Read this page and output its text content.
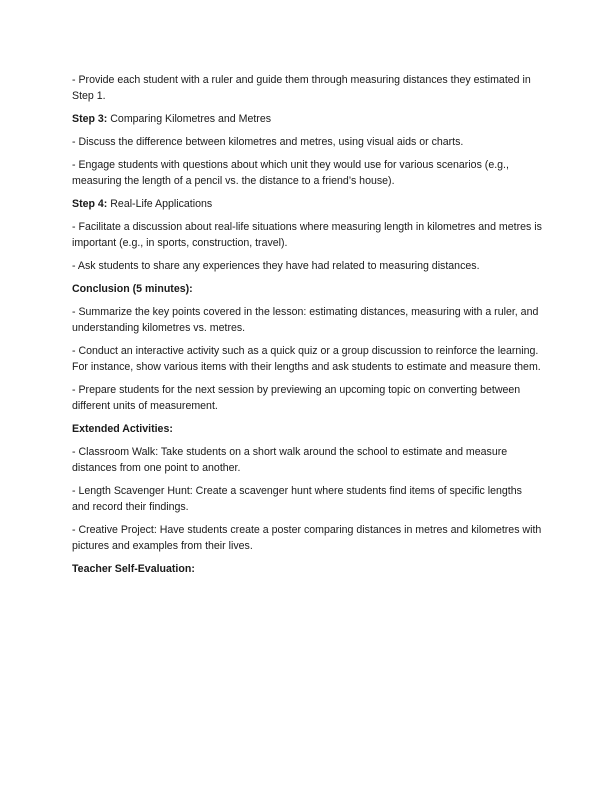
- Provide each student with a ruler and guide them through measuring distances they estimated in Step 1.

Step 3: Comparing Kilometres and Metres

- Discuss the difference between kilometres and metres, using visual aids or charts.

- Engage students with questions about which unit they would use for various scenarios (e.g., measuring the length of a pencil vs. the distance to a friend’s house).

Step 4: Real-Life Applications

- Facilitate a discussion about real-life situations where measuring length in kilometres and metres is important (e.g., in sports, construction, travel).

- Ask students to share any experiences they have had related to measuring distances.

Conclusion (5 minutes):

- Summarize the key points covered in the lesson: estimating distances, measuring with a ruler, and understanding kilometres vs. metres.

- Conduct an interactive activity such as a quick quiz or a group discussion to reinforce the learning. For instance, show various items with their lengths and ask students to estimate and measure them.

- Prepare students for the next session by previewing an upcoming topic on converting between different units of measurement.

Extended Activities:

- Classroom Walk: Take students on a short walk around the school to estimate and measure distances from one point to another.

- Length Scavenger Hunt: Create a scavenger hunt where students find items of specific lengths and record their findings.

- Creative Project: Have students create a poster comparing distances in metres and kilometres with pictures and examples from their lives.

Teacher Self-Evaluation:
